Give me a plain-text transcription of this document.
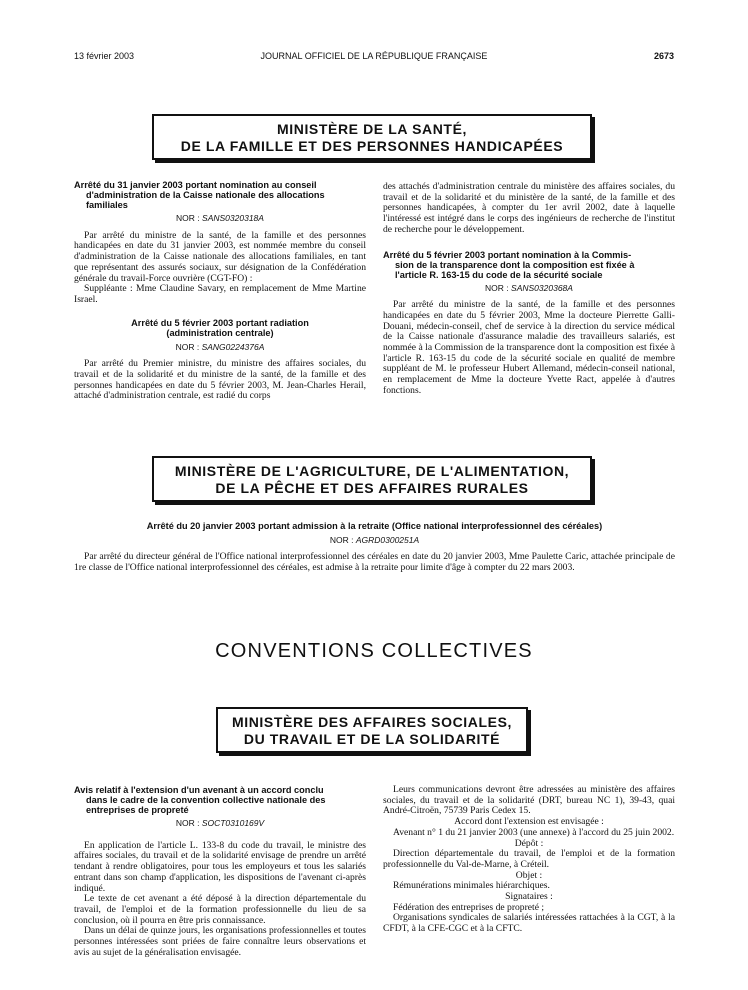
13 février 2003	JOURNAL OFFICIEL DE LA RÉPUBLIQUE FRANÇAISE	2673
MINISTÈRE DE LA SANTÉ,
DE LA FAMILLE ET DES PERSONNES HANDICAPÉES
Arrêté du 31 janvier 2003 portant nomination au conseil
d'administration de la Caisse nationale des allocations
familiales
NOR : SANS0320318A

Par arrêté du ministre de la santé, de la famille et des personnes handicapées en date du 31 janvier 2003, est nommée membre du conseil d'administration de la Caisse nationale des allocations familiales, en tant que représentant des assurés sociaux, sur désignation de la Confédération générale du travail-Force ouvrière (CGT-FO) :

Suppléante : Mme Claudine Savary, en remplacement de Mme Martine Israel.

Arrêté du 5 février 2003 portant radiation
(administration centrale)
NOR : SANG0224376A

Par arrêté du Premier ministre, du ministre des affaires sociales, du travail et de la solidarité et du ministre de la santé, de la famille et des personnes handicapées en date du 5 février 2003, M. Jean-Charles Herail, attaché d'administration centrale, est radié du corps

des attachés d'administration centrale du ministère des affaires sociales, du travail et de la solidarité et du ministère de la santé, de la famille et des personnes handicapées, à compter du 1er avril 2002, date à laquelle l'intéressé est intégré dans le corps des ingénieurs de recherche de l'institut de recherche pour le développement.

Arrêté du 5 février 2003 portant nomination à la Commis-
sion de la transparence dont la composition est fixée à
l'article R. 163-15 du code de la sécurité sociale
NOR : SANS0320368A

Par arrêté du ministre de la santé, de la famille et des personnes handicapées en date du 5 février 2003, Mme la docteure Pierrette Galli-Douani, médecin-conseil, chef de service à la direction du service médical de la Caisse nationale d'assurance maladie des travailleurs salariés, est nommée à la Commission de la transparence dont la composition est fixée à l'article R. 163-15 du code de la sécurité sociale en qualité de membre suppléant de M. le professeur Hubert Allemand, médecin-conseil national, en remplacement de Mme la docteure Yvette Ract, appelée à d'autres fonctions.

MINISTÈRE DE L'AGRICULTURE, DE L'ALIMENTATION,
DE LA PÊCHE ET DES AFFAIRES RURALES
Arrêté du 20 janvier 2003 portant admission à la retraite (Office national interprofessionnel des céréales)
NOR : AGRD0300251A

Par arrêté du directeur général de l'Office national interprofessionnel des céréales en date du 20 janvier 2003, Mme Paulette Caric, attachée principale de 1re classe de l'Office national interprofessionnel des céréales, est admise à la retraite pour limite d'âge à compter du 22 mars 2003.

CONVENTIONS COLLECTIVES
MINISTÈRE DES AFFAIRES SOCIALES,
DU TRAVAIL ET DE LA SOLIDARITÉ
Avis relatif à l'extension d'un avenant à un accord conclu
dans le cadre de la convention collective nationale des
entreprises de propreté
NOR : SOCT0310169V

En application de l'article L. 133-8 du code du travail, le ministre des affaires sociales, du travail et de la solidarité envisage de prendre un arrêté tendant à rendre obligatoires, pour tous les employeurs et tous les salariés entrant dans son champ d'application, les dispositions de l'avenant ci-après indiqué.

Le texte de cet avenant a été déposé à la direction départementale du travail, de l'emploi et de la formation professionnelle du lieu de sa conclusion, où il pourra en être pris connaissance.

Dans un délai de quinze jours, les organisations professionnelles et toutes personnes intéressées sont priées de faire connaître leurs observations et avis au sujet de la généralisation envisagée.

Leurs communications devront être adressées au ministère des affaires sociales, du travail et de la solidarité (DRT, bureau NC 1), 39-43, quai André-Citroën, 75739 Paris Cedex 15.

Accord dont l'extension est envisagée :

Avenant n° 1 du 21 janvier 2003 (une annexe) à l'accord du 25 juin 2002.

Dépôt :

Direction départementale du travail, de l'emploi et de la formation professionnelle du Val-de-Marne, à Créteil.

Objet :

Rémunérations minimales hiérarchiques.

Signataires :

Fédération des entreprises de propreté ;

Organisations syndicales de salariés intéressées rattachées à la CGT, à la CFDT, à la CFE-CGC et à la CFTC.
